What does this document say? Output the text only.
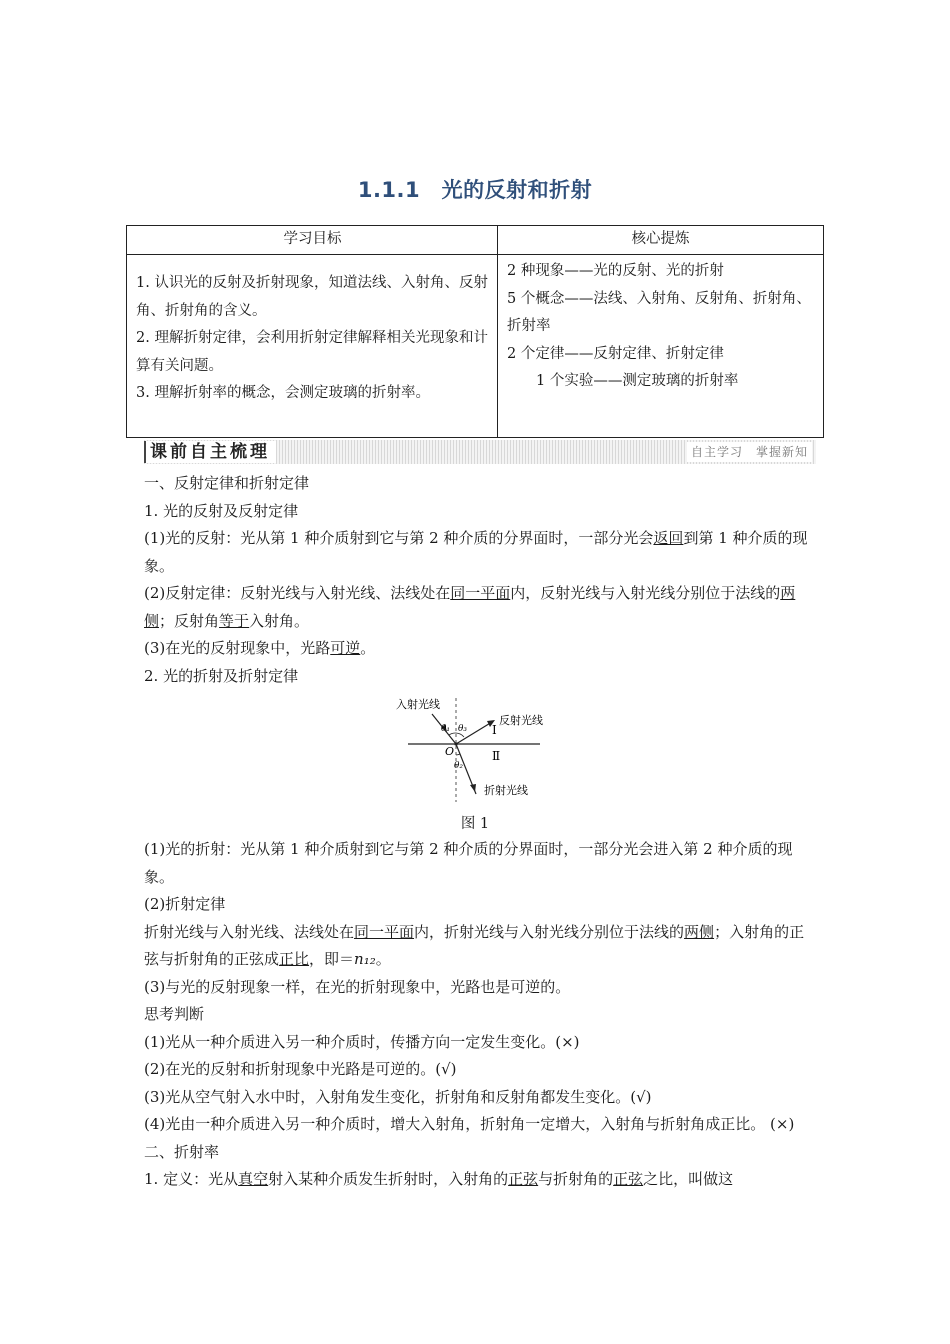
1.1.1　光的反射和折射
学习目标	核心提炼
1. 认识光的反射及折射现象，知道法线、入射角、反射角、折射角的含义。
2. 理解折射定律，会利用折射定律解释相关光现象和计算有关问题。
3. 理解折射率的概念，会测定玻璃的折射率。
2 种现象——光的反射、光的折射
5 个概念——法线、入射角、反射角、折射角、
折射率
2 个定律——反射定律、折射定律
　　1 个实验——测定玻璃的折射率
课前自主梳理	自主学习　掌握新知
一、反射定律和折射定律
1. 光的反射及反射定律
(1)光的反射：光从第 1 种介质射到它与第 2 种介质的分界面时，一部分光会返回到第 1 种介质的现象。
(2)反射定律：反射光线与入射光线、法线处在同一平面内，反射光线与入射光线分别位于法线的两侧；反射角等于入射角。
(3)在光的反射现象中，光路可逆。
2. 光的折射及折射定律
入射光线
反射光线
折射光线
Ⅰ
Ⅱ
O
θ₁ θ₃
θ₂
图 1
(1)光的折射：光从第 1 种介质射到它与第 2 种介质的分界面时，一部分光会进入第 2 种介质的现象。
(2)折射定律
折射光线与入射光线、法线处在同一平面内，折射光线与入射光线分别位于法线的两侧；入射角的正弦与折射角的正弦成正比，即＝n₁₂。
(3)与光的反射现象一样，在光的折射现象中，光路也是可逆的。
思考判断
(1)光从一种介质进入另一种介质时，传播方向一定发生变化。(×)
(2)在光的反射和折射现象中光路是可逆的。(√)
(3)光从空气射入水中时，入射角发生变化，折射角和反射角都发生变化。(√)
(4)光由一种介质进入另一种介质时，增大入射角，折射角一定增大，入射角与折射角成正比。 (×)
二、折射率
1. 定义：光从真空射入某种介质发生折射时，入射角的正弦与折射角的正弦之比，叫做这
